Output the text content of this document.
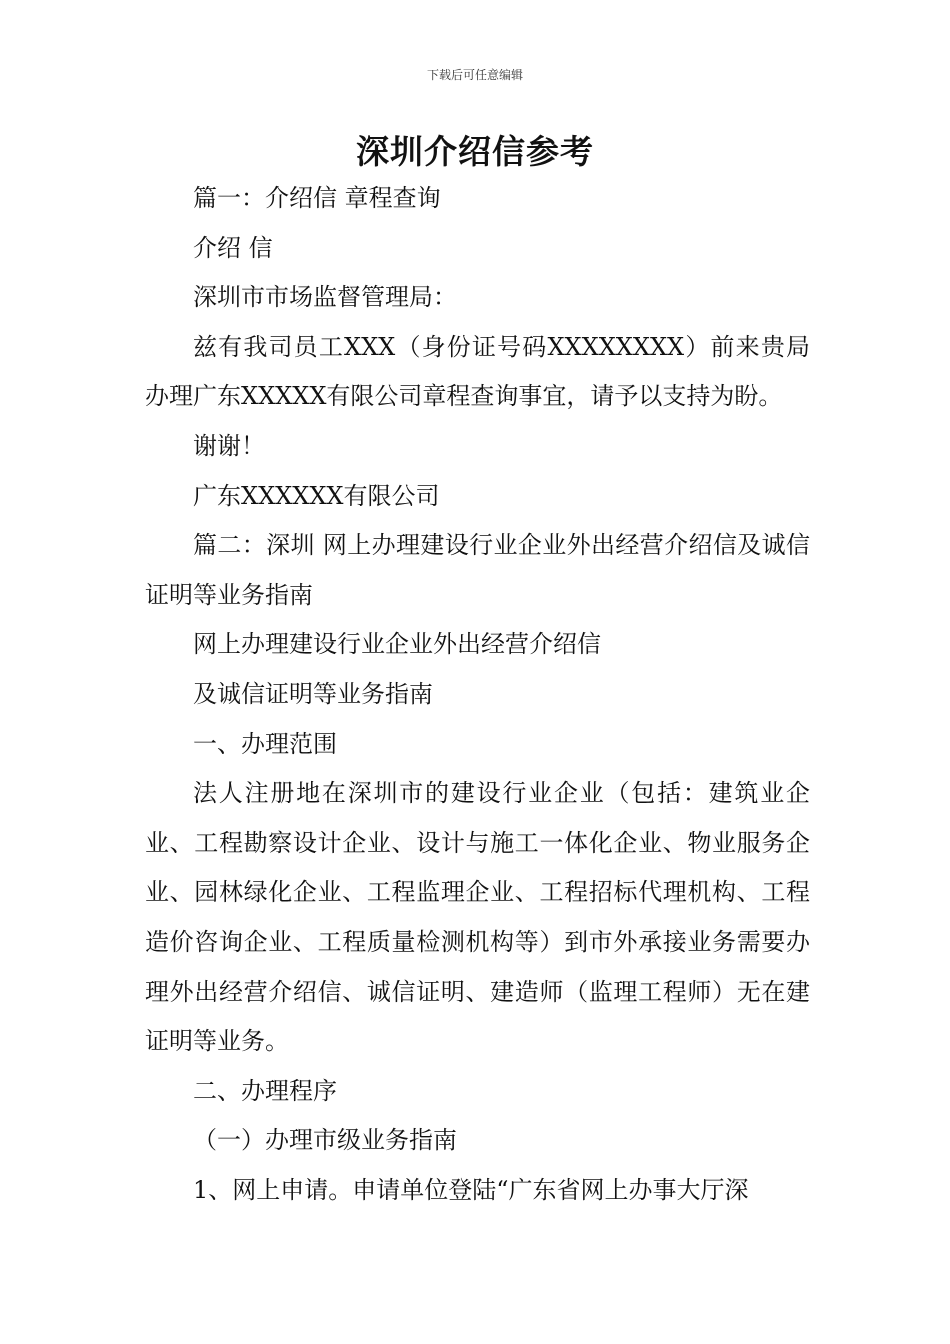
下载后可任意编辑
深圳介绍信参考

篇一：介绍信 章程查询

介绍 信

深圳市市场监督管理局：

兹有我司员工XXX（身份证号码XXXXXXXX）前来贵局办理广东XXXXX有限公司章程查询事宜，请予以支持为盼。

谢谢！

广东XXXXXX有限公司

篇二：深圳 网上办理建设行业企业外出经营介绍信及诚信证明等业务指南

网上办理建设行业企业外出经营介绍信

及诚信证明等业务指南

一、办理范围

法人注册地在深圳市的建设行业企业（包括：建筑业企业、工程勘察设计企业、设计与施工一体化企业、物业服务企业、园林绿化企业、工程监理企业、工程招标代理机构、工程造价咨询企业、工程质量检测机构等）到市外承接业务需要办理外出经营介绍信、诚信证明、建造师（监理工程师）无在建证明等业务。

二、办理程序

（一）办理市级业务指南

1、网上申请。申请单位登陆“广东省网上办事大厅深
